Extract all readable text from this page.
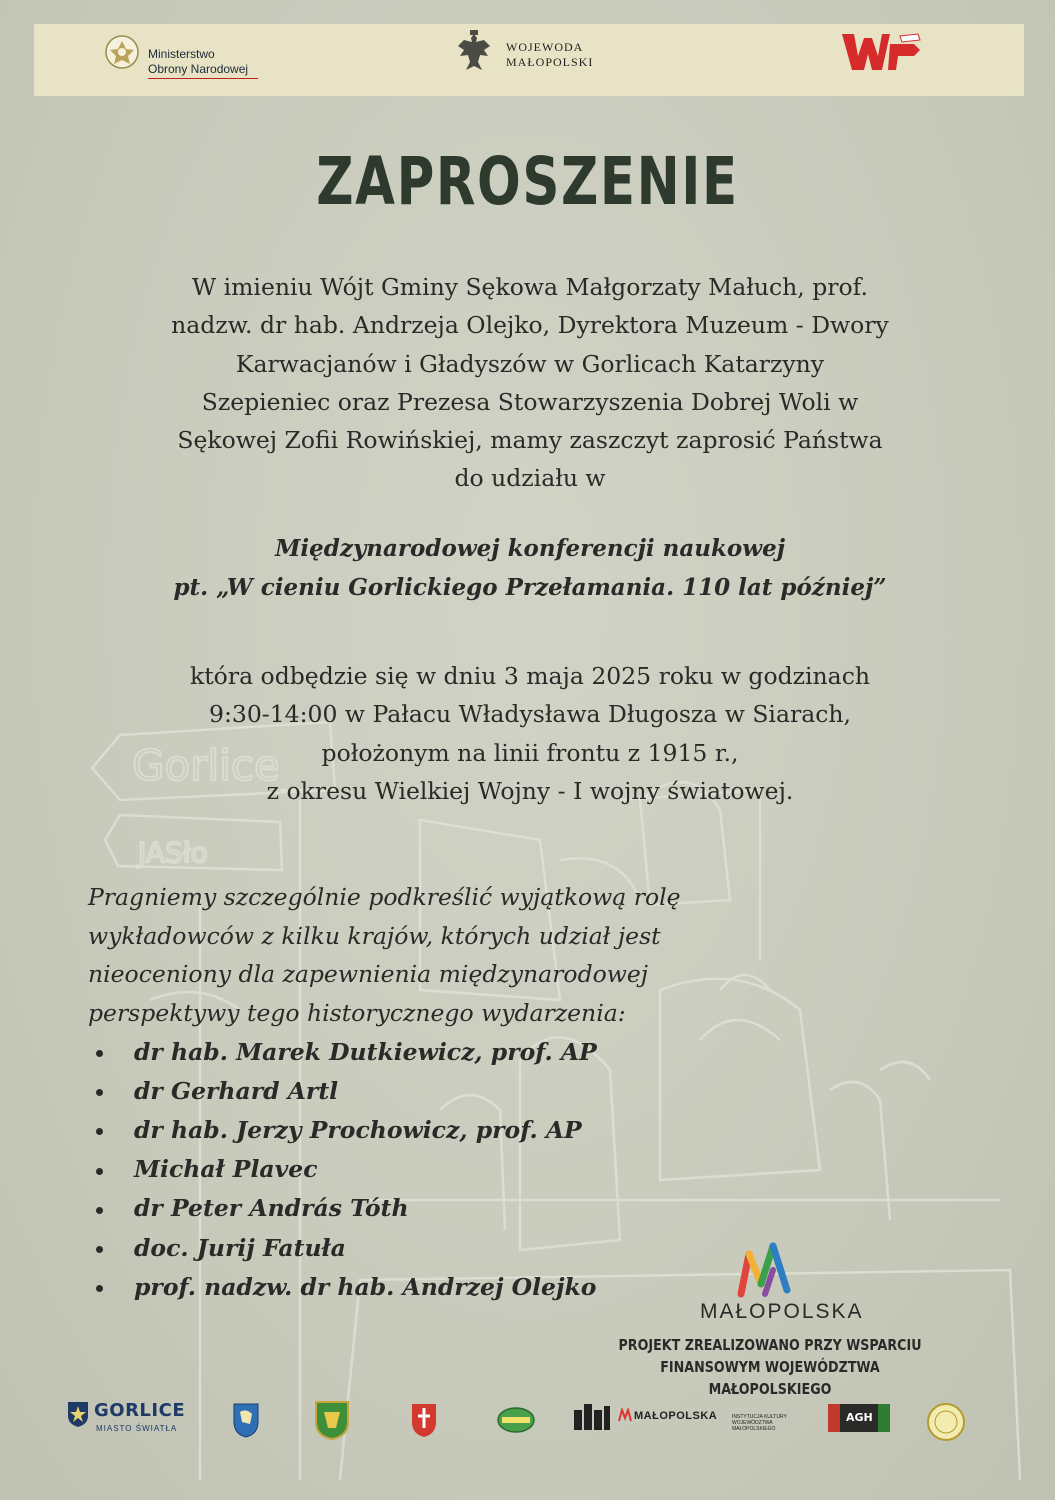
Gorlice
JASło
Ministerstwo
Obrony Narodowej
WOJEWODA
MAŁOPOLSKI
ZAPROSZENIE
W imieniu Wójt Gminy Sękowa Małgorzaty Małuch, prof.
nadzw. dr hab. Andrzeja Olejko, Dyrektora Muzeum - Dwory
Karwacjanów i Gładyszów w Gorlicach Katarzyny
Szepieniec oraz Prezesa Stowarzyszenia Dobrej Woli w
Sękowej Zofii Rowińskiej, mamy zaszczyt zaprosić Państwa
do udziału w
Międzynarodowej konferencji naukowej
pt. „W cieniu Gorlickiego Przełamania. 110 lat później”
która odbędzie się w dniu 3 maja 2025 roku w godzinach
9:30-14:00 w Pałacu Władysława Długosza w Siarach,
położonym na linii frontu z 1915 r.,
z okresu Wielkiej Wojny - I wojny światowej.
Pragniemy szczególnie podkreślić wyjątkową rolę
wykładowców z kilku krajów, których udział jest
nieoceniony dla zapewnienia międzynarodowej
perspektywy tego historycznego wydarzenia:
dr hab. Marek Dutkiewicz, prof. AP
dr Gerhard Artl
dr hab. Jerzy Prochowicz, prof. AP
Michał Plavec
dr Peter András Tóth
doc. Jurij Fatuła
prof. nadzw. dr hab. Andrzej Olejko
MAŁOPOLSKA
PROJEKT ZREALIZOWANO PRZY WSPARCIU
FINANSOWYM WOJEWÓDZTWA MAŁOPOLSKIEGO
GORLICE
MIASTO ŚWIATŁA
MAŁOPOLSKA	INSTYTUCJA KULTURY WOJEWÓDZTWA MAŁOPOLSKIEGO
AGH
